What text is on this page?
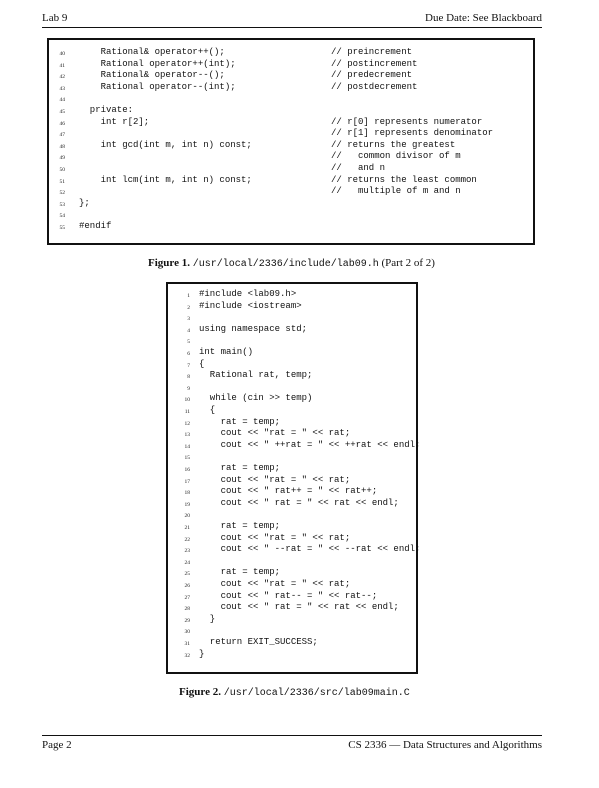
Lab 9	Due Date: See Blackboard
40 Rational& operator++();	// preincrement
41 Rational operator++(int);	// postincrement
42 Rational& operator--();	// predecrement
43 Rational operator--(int);	// postdecrement
44
45 private:
46 int r[2];	// r[0] represents numerator
47	// r[1] represents denominator
48 int gcd(int m, int n) const;	// returns the greatest
49	//   common divisor of m
50	//   and n
51 int lcm(int m, int n) const;	// returns the least common
52	//   multiple of m and n
53 };
54
55 #endif
Figure 1. /usr/local/2336/include/lab09.h (Part 2 of 2)
1 #include <lab09.h>
2 #include <iostream>
3
4 using namespace std;
5
6 int main()
7 {
8 Rational rat, temp;
9
10 while (cin >> temp)
11 {
12 rat = temp;
13 cout << "rat = " << rat;
14 cout << " ++rat = " << ++rat << endl;
15
16 rat = temp;
17 cout << "rat = " << rat;
18 cout << " rat++ = " << rat++;
19 cout << " rat = " << rat << endl;
20
21 rat = temp;
22 cout << "rat = " << rat;
23 cout << " --rat = " << --rat << endl;
24
25 rat = temp;
26 cout << "rat = " << rat;
27 cout << " rat-- = " << rat--;
28 cout << " rat = " << rat << endl;
29 }
30
31 return EXIT_SUCCESS;
32 }
Figure 2. /usr/local/2336/src/lab09main.C
Page 2	CS 2336 — Data Structures and Algorithms
